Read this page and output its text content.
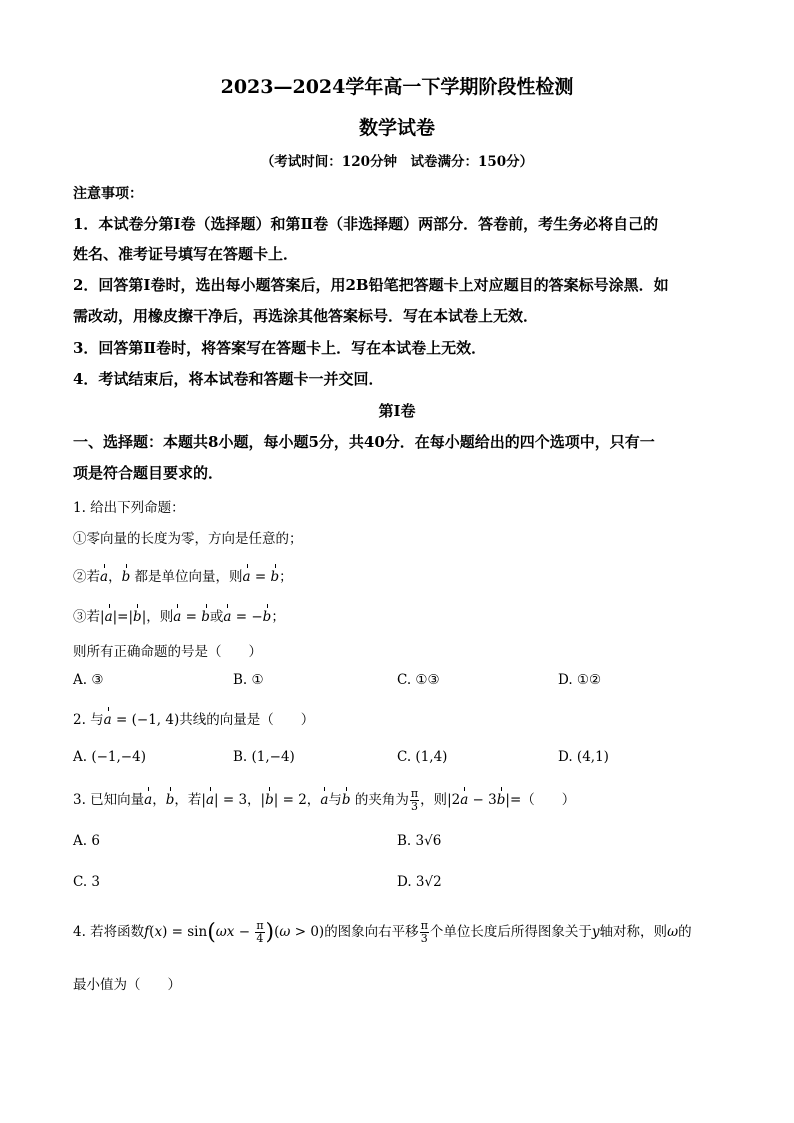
2023—2024学年高一下学期阶段性检测
数学试卷
（考试时间：120分钟　试卷满分：150分）
注意事项：
1．本试卷分第Ⅰ卷（选择题）和第Ⅱ卷（非选择题）两部分．答卷前，考生务必将自己的
姓名、准考证号填写在答题卡上．
2．回答第Ⅰ卷时，选出每小题答案后，用2B铅笔把答题卡上对应题目的答案标号涂黑．如
需改动，用橡皮擦干净后，再选涂其他答案标号．写在本试卷上无效．
3．回答第Ⅱ卷时，将答案写在答题卡上．写在本试卷上无效．
4．考试结束后，将本试卷和答题卡一并交回．
第Ⅰ卷
一、选择题：本题共8小题，每小题5分，共40分．在每小题给出的四个选项中，只有一
项是符合题目要求的．
1. 给出下列命题：
①零向量的长度为零，方向是任意的；
②若a，b 都是单位向量，则a = b；
③若|a|=|b|，则a = b或a = −b；
则所有正确命题的号是（　　）
A. ③	B. ①	C. ①③	D. ①②
2. 与a = (−1, 4)共线的向量是（　　）
A. (−1,−4)	B. (1,−4)	C. (1,4)	D. (4,1)
3. 已知向量a，b，若|a| = 3，|b| = 2，a与b 的夹角为 $\frac{\pi}{3}$ ，则|2a − 3b|=（　　）
A. 6	B. 3√6
C. 3	D. 3√2
4. 若将函数$f(x) = \sin(\omega x - \frac{\pi}{4} )(\omega > 0)$的图象向右平移 $\frac{\pi}{3}$ 个单位长度后所得图象关于y轴对称，则ω的
最小值为（　　）
